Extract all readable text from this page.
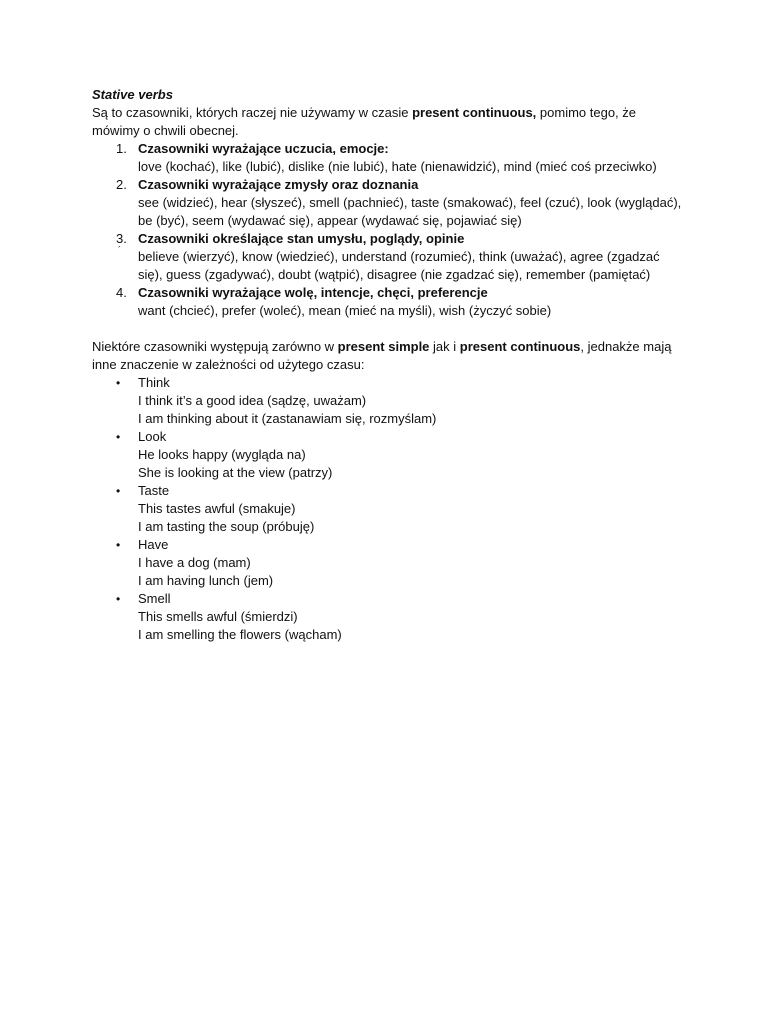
Stative verbs

Są to czasowniki, których raczej nie używamy w czasie present continuous, pomimo tego, że mówimy o chwili obecnej.

1. Czasowniki wyrażające uczucia, emocje:
love (kochać), like (lubić), dislike (nie lubić), hate (nienawidzić), mind (mieć coś przeciwko)
2. Czasowniki wyrażające zmysły oraz doznania
see (widzieć), hear (słyszeć), smell (pachnieć), taste (smakować), feel (czuć), look (wyglądać), be (być), seem (wydawać się), appear (wydawać się, pojawiać się)
3.
´
Czasowniki określające stan umysłu, poglądy, opinie
believe (wierzyć), know (wiedzieć), understand (rozumieć), think (uważać), agree (zgadzać się), guess (zgadywać), doubt (wątpić), disagree (nie zgadzać się), remember (pamiętać)
4. Czasowniki wyrażające wolę, intencje, chęci, preferencje
want (chcieć), prefer (woleć), mean (mieć na myśli), wish (życzyć sobie)

Niektóre czasowniki występują zarówno w present simple jak i present continuous, jednakże mają inne znaczenie w zależności od użytego czasu:

• Think
I think it’s a good idea (sądzę, uważam)
I am thinking about it (zastanawiam się, rozmyślam)
• Look
He looks happy (wygląda na)
She is looking at the view (patrzy)
• Taste
This tastes awful (smakuje)
I am tasting the soup (próbuję)
• Have
I have a dog (mam)
I am having lunch (jem)
• Smell
This smells awful (śmierdzi)
I am smelling the flowers (wącham)
